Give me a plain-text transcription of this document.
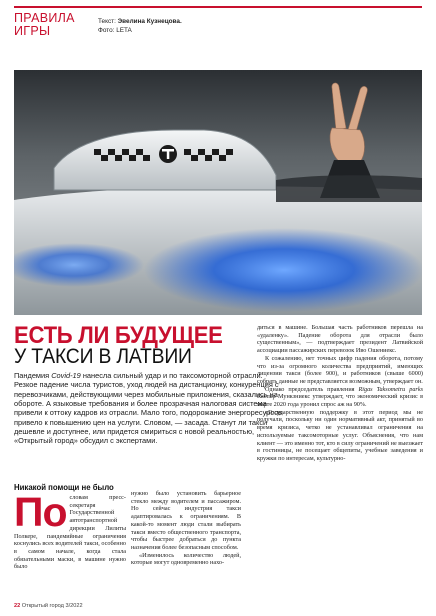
ПРАВИЛА
ИГРЫ
Текст: Эвелина Кузнецова.
Фото: LETA
ЕСТЬ ЛИ БУДУЩЕЕ
У ТАКСИ В ЛАТВИИ
Пандемия Covid-19 нанесла сильный удар и по таксомоторной отрасли. Резкое падение числа туристов, уход людей на дистанционку, конкуренция с перевозчиками, действующими через мобильные приложения, сказались на обороте. А языковые требования и более прозрачная налоговая система привели к оттоку кадров из отрасли. Мало того, подорожание энергоресурсов привело к повышению цен на услуги. Словом, — засада. Станут ли такси дешевле и доступнее, или придется смириться с новой реальностью, «Открытый город» обсудил с экспертами.
Никакой помощи не было
По словам пресс-секретаря Государственной автотранспортной дирекции Лилиты Полкере, пандемийные ограничения коснулись всех водителей такси, особенно в самом начале, когда стала обязательными маски, в машине нужно было

нужно было установить барьерное стекло между водителем и пассажиром. Но сейчас индустрия такси адаптировалась к ограничениям. В какой-то момент люди стали выбирать такси вместо общественного транспорта, чтобы быстрее добраться до пункта назначения более безопасным способом.

«Изменилось количество людей, которые могут одновременно нахо-

диться в машине. Большая часть работников перешла на «удаленку». Падение оборота для отрасли было существенным», — подтверждает президент Латвийской ассоциации пассажирских перевозок Иво Ошениекс.

К сожалению, нет точных цифр падения оборота, потому что из-за огромного количества предприятий, имеющих лицензии такси (более 900), и работников (свыше 6000) собрать данные не представляется возможным, утверждает он.

Однако председатель правления Rīgas Taksometru parks Каспар Мункзниекс утверждает, что экономический кризис в марте 2020 года уронил спрос аж на 90%.

«Государственную поддержку в этот период мы не получали, поскольку ни один нормативный акт, принятый во время кризиса, четко не устанавливал ограничения на используемые таксомоторные услуг. Объяснения, что нам клиент — это именно тот, кто в силу ограничений не выезжает в гостиницы, не посещает общепиты, учебные заведения и кружки по интересам, культурно-

22 Открытый город 3/2022
